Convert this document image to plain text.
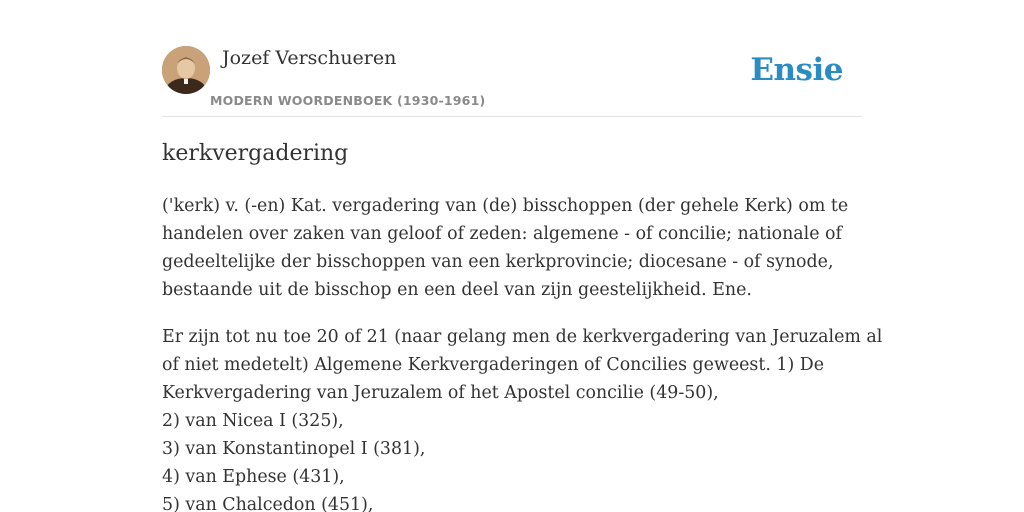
Jozef Verschueren
MODERN WOORDENBOEK (1930-1961)
Ensie
kerkvergadering

('kerk) v. (-en) Kat. vergadering van (de) bisschoppen (der gehele Kerk) om te
handelen over zaken van geloof of zeden: algemene - of concilie; nationale of
gedeeltelijke der bisschoppen van een kerkprovincie; diocesane - of synode,
bestaande uit de bisschop en een deel van zijn geestelijkheid. Ene.

Er zijn tot nu toe 20 of 21 (naar gelang men de kerkvergadering van Jeruzalem al
of niet medetelt) Algemene Kerkvergaderingen of Concilies geweest. 1) De
Kerkvergadering van Jeruzalem of het Apostel concilie (49-50),
2) van Nicea I (325),
3) van Konstantinopel I (381),
4) van Ephese (431),
5) van Chalcedon (451),
